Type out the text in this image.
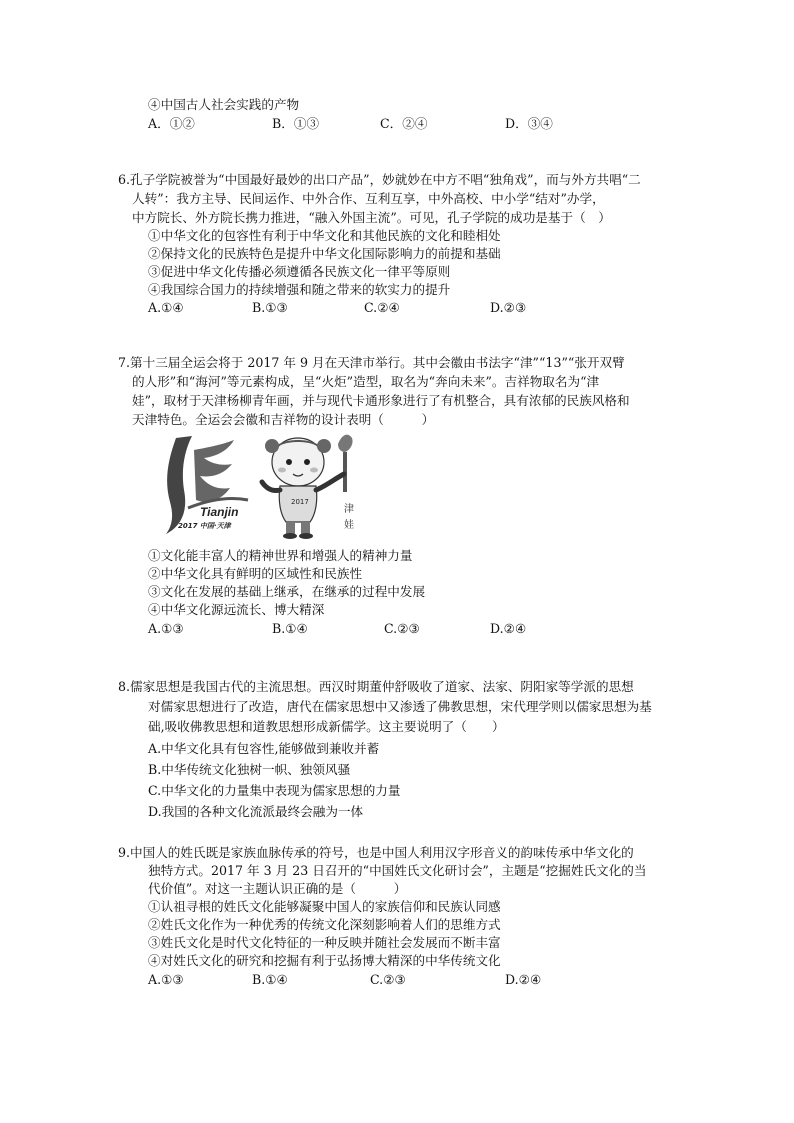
④中国古人社会实践的产物
A．①②	B．①③	C．②④	D．③④
6.孔子学院被誉为“中国最好最妙的出口产品”，妙就妙在中方不唱“独角戏”，而与外方共唱“二
人转”：我方主导、民间运作、中外合作、互利互享，中外高校、中小学“结对”办学，
中方院长、外方院长携力推进，“融入外国主流”。可见，孔子学院的成功是基于（　）
①中华文化的包容性有利于中华文化和其他民族的文化和睦相处
②保持文化的民族特色是提升中华文化国际影响力的前提和基础
③促进中华文化传播必须遵循各民族文化一律平等原则
④我国综合国力的持续增强和随之带来的软实力的提升
A.①④	B.①③	C.②④	D.②③
7.第十三届全运会将于 2017 年 9 月在天津市举行。其中会徽由书法字“津”“13”“张开双臂
的人形”和“海河”等元素构成，呈“火炬”造型，取名为“奔向未来”。吉祥物取名为“津
娃”，取材于天津杨柳青年画，并与现代卡通形象进行了有机整合，具有浓郁的民族风格和
天津特色。全运会会徽和吉祥物的设计表明（　　　）
Tianjin
2017 中国·天津
2017
津
娃
①文化能丰富人的精神世界和增强人的精神力量
②中华文化具有鲜明的区域性和民族性
③文化在发展的基础上继承，在继承的过程中发展
④中华文化源远流长、博大精深
A.①③	B.①④	C.②③	D.②④
8.儒家思想是我国古代的主流思想。西汉时期董仲舒吸收了道家、法家、阴阳家等学派的思想
对儒家思想进行了改造，唐代在儒家思想中又渗透了佛教思想，宋代理学则以儒家思想为基
础,吸收佛教思想和道教思想形成新儒学。这主要说明了（　　）
A.中华文化具有包容性,能够做到兼收并蓄
B.中华传统文化独树一帜、独领风骚
C.中华文化的力量集中表现为儒家思想的力量
D.我国的各种文化流派最终会融为一体
9.中国人的姓氏既是家族血脉传承的符号，也是中国人利用汉字形音义的韵味传承中华文化的
独特方式。2017 年 3 月 23 日召开的“中国姓氏文化研讨会”，主题是“挖掘姓氏文化的当
代价值”。对这一主题认识正确的是（　　　）
①认祖寻根的姓氏文化能够凝聚中国人的家族信仰和民族认同感
②姓氏文化作为一种优秀的传统文化深刻影响着人们的思维方式
③姓氏文化是时代文化特征的一种反映并随社会发展而不断丰富
④对姓氏文化的研究和挖掘有利于弘扬博大精深的中华传统文化
A.①③	B.①④	C.②③	D.②④
